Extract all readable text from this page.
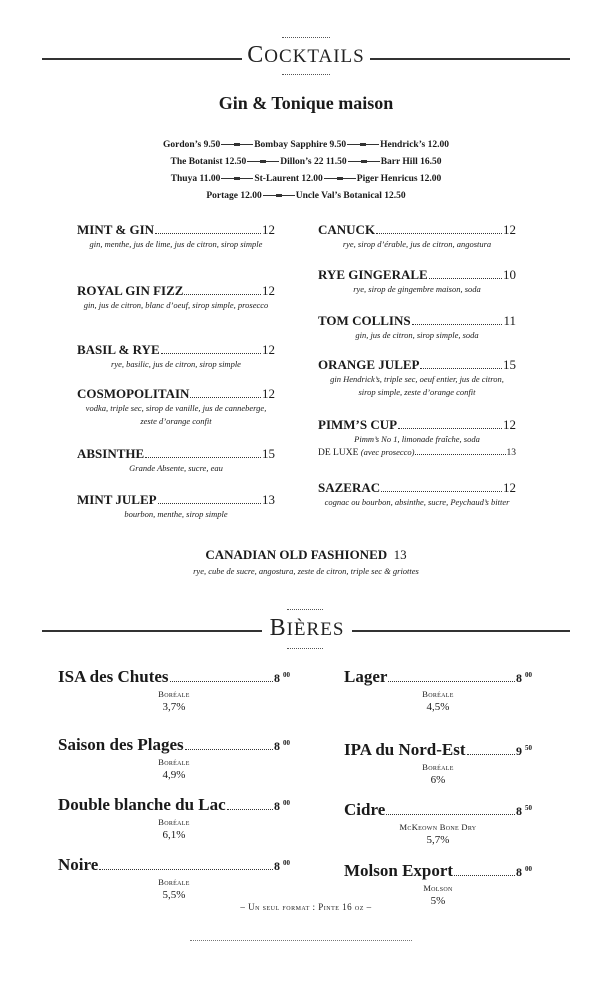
COCKTAILS
Gin & Tonique maison
Gordon’s 9.50	Bombay Sapphire 9.50	Hendrick’s 12.00
The Botanist 12.50	Dillon’s 22 11.50	Barr Hill 16.50
Thuya 11.00	St-Laurent 12.00	Piger Henricus 12.00
Portage 12.00	Uncle Val’s Botanical 12.50
MINT & GIN	12
gin, menthe, jus de lime, jus de citron, sirop simple
ROYAL GIN FIZZ	12
gin, jus de citron, blanc d’oeuf, sirop simple, prosecco
BASIL & RYE	12
rye, basilic, jus de citron, sirop simple
COSMOPOLITAIN	12
vodka, triple sec, sirop de vanille, jus de canneberge, zeste d’orange confit
ABSINTHE	15
Grande Absente, sucre, eau
MINT JULEP	13
bourbon, menthe, sirop simple
CANUCK	12
rye, sirop d’érable, jus de citron, angostura
RYE GINGERALE	10
rye, sirop de gingembre maison, soda
TOM COLLINS	11
gin, jus de citron, sirop simple, soda
ORANGE JULEP	15
gin Hendrick’s, triple sec, oeuf entier, jus de citron, sirop simple, zeste d’orange confit
PIMM’S CUP	12
Pimm’s No 1, limonade fraîche, soda
DE LUXE
(avec prosecco)	13
SAZERAC	12
cognac ou bourbon, absinthe, sucre, Peychaud’s bitter
CANADIAN OLD FASHIONED 13
rye, cube de sucre, angostura, zeste de citron, triple sec & griottes
BIÈRES
ISA des Chutes	8 $^{00}$
Boréale
3,7%
Saison des Plages	8 $^{00}$
Boréale
4,9%
Double blanche du Lac	8 $^{00}$
Boréale
6,1%
Noire	8 $^{00}$
Boréale
5,5%
Lager	8 $^{00}$
Boréale
4,5%
IPA du Nord-Est	9 $^{50}$
Boréale
6%
Cidre	8 $^{50}$
McKeown Bone Dry
5,7%
Molson Export	8 $^{00}$
Molson
5%
– Un seul format : Pinte 16 oz –
